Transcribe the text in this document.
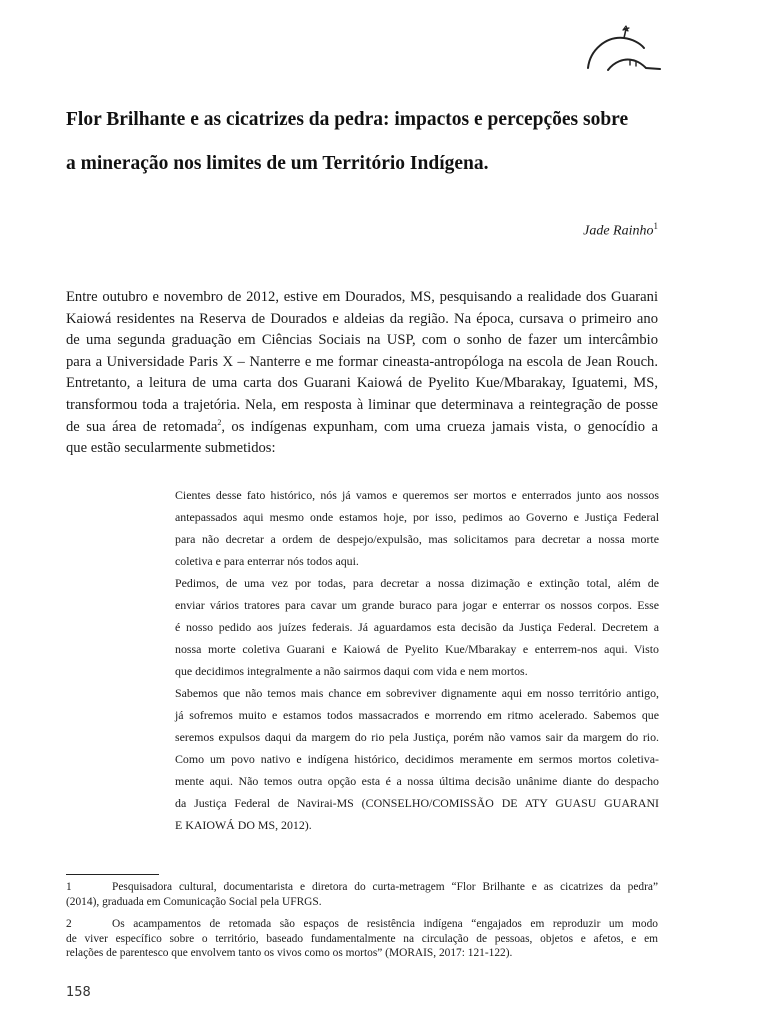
Flor Brilhante e as cicatrizes da pedra: impactos e percepções sobre
a mineração nos limites de um Território Indígena.
Jade Rainho$^1$

Entre outubro e novembro de 2012, estive em Dourados, MS, pesquisando a realidade dos Guarani
Kaiowá residentes na Reserva de Dourados e aldeias da região. Na época, cursava o primeiro ano
de uma segunda graduação em Ciências Sociais na USP, com o sonho de fazer um intercâmbio
para a Universidade Paris X – Nanterre e me formar cineasta-antropóloga na escola de Jean Rouch.
Entretanto, a leitura de uma carta dos Guarani Kaiowá de Pyelito Kue/Mbarakay, Iguatemi, MS,
transformou toda a trajetória. Nela, em resposta à liminar que determinava a reintegração de posse
de sua área de retomada$^2$, os indígenas expunham, com uma crueza jamais vista, o genocídio a
que estão secularmente submetidos:

Cientes desse fato histórico, nós já vamos e queremos ser mortos e enterrados junto aos nossos
antepassados aqui mesmo onde estamos hoje, por isso, pedimos ao Governo e Justiça Federal
para não decretar a ordem de despejo/expulsão, mas solicitamos para decretar a nossa morte
coletiva e para enterrar nós todos aqui.
Pedimos, de uma vez por todas, para decretar a nossa dizimação e extinção total, além de
enviar vários tratores para cavar um grande buraco para jogar e enterrar os nossos corpos. Esse
é nosso pedido aos juízes federais. Já aguardamos esta decisão da Justiça Federal. Decretem a
nossa morte coletiva Guarani e Kaiowá de Pyelito Kue/Mbarakay e enterrem-nos aqui. Visto
que decidimos integralmente a não sairmos daqui com vida e nem mortos.
Sabemos que não temos mais chance em sobreviver dignamente aqui em nosso território antigo,
já sofremos muito e estamos todos massacrados e morrendo em ritmo acelerado. Sabemos que
seremos expulsos daqui da margem do rio pela Justiça, porém não vamos sair da margem do rio.
Como um povo nativo e indígena histórico, decidimos meramente em sermos mortos coletiva-
mente aqui. Não temos outra opção esta é a nossa última decisão unânime diante do despacho
da Justiça Federal de Navirai-MS (CONSELHO/COMISSÃO DE ATY GUASU GUARANI
E KAIOWÁ DO MS, 2012).
1	Pesquisadora cultural, documentarista e diretora do curta-metragem “Flor Brilhante e as cicatrizes da pedra”
(2014), graduada em Comunicação Social pela UFRGS.
2	Os acampamentos de retomada são espaços de resistência indígena “engajados em reproduzir um modo
de viver específico sobre o território, baseado fundamentalmente na circulação de pessoas, objetos e afetos, e em
relações de parentesco que envolvem tanto os vivos como os mortos” (MORAIS, 2017: 121-122).
158
